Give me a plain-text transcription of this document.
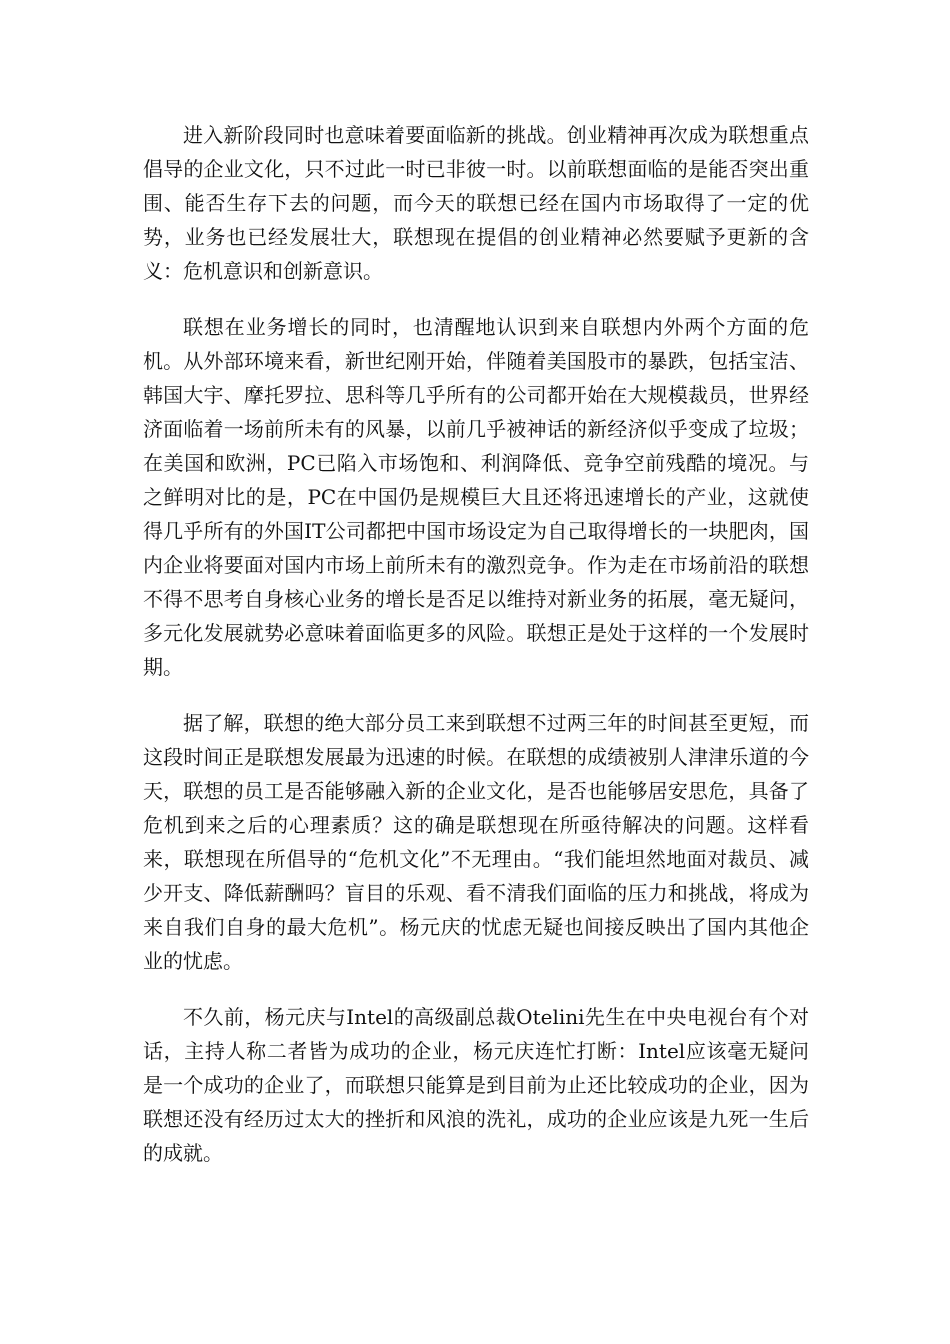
进入新阶段同时也意味着要面临新的挑战。创业精神再次成为联想重点倡导的企业文化，只不过此一时已非彼一时。以前联想面临的是能否突出重围、能否生存下去的问题，而今天的联想已经在国内市场取得了一定的优势，业务也已经发展壮大，联想现在提倡的创业精神必然要赋予更新的含义：危机意识和创新意识。

联想在业务增长的同时，也清醒地认识到来自联想内外两个方面的危机。从外部环境来看，新世纪刚开始，伴随着美国股市的暴跌，包括宝洁、韩国大宇、摩托罗拉、思科等几乎所有的公司都开始在大规模裁员，世界经济面临着一场前所未有的风暴，以前几乎被神话的新经济似乎变成了垃圾；在美国和欧洲，PC已陷入市场饱和、利润降低、竞争空前残酷的境况。与之鲜明对比的是，PC在中国仍是规模巨大且还将迅速增长的产业，这就使得几乎所有的外国IT公司都把中国市场设定为自己取得增长的一块肥肉，国内企业将要面对国内市场上前所未有的激烈竞争。作为走在市场前沿的联想不得不思考自身核心业务的增长是否足以维持对新业务的拓展，毫无疑问，多元化发展就势必意味着面临更多的风险。联想正是处于这样的一个发展时期。

据了解，联想的绝大部分员工来到联想不过两三年的时间甚至更短，而这段时间正是联想发展最为迅速的时候。在联想的成绩被别人津津乐道的今天，联想的员工是否能够融入新的企业文化，是否也能够居安思危，具备了危机到来之后的心理素质？这的确是联想现在所亟待解决的问题。这样看来，联想现在所倡导的“危机文化”不无理由。“我们能坦然地面对裁员、减少开支、降低薪酬吗？盲目的乐观、看不清我们面临的压力和挑战，将成为来自我们自身的最大危机”。杨元庆的忧虑无疑也间接反映出了国内其他企业的忧虑。

不久前，杨元庆与Intel的高级副总裁Otelini先生在中央电视台有个对话，主持人称二者皆为成功的企业，杨元庆连忙打断：Intel应该毫无疑问是一个成功的企业了，而联想只能算是到目前为止还比较成功的企业，因为联想还没有经历过太大的挫折和风浪的洗礼，成功的企业应该是九死一生后的成就。
